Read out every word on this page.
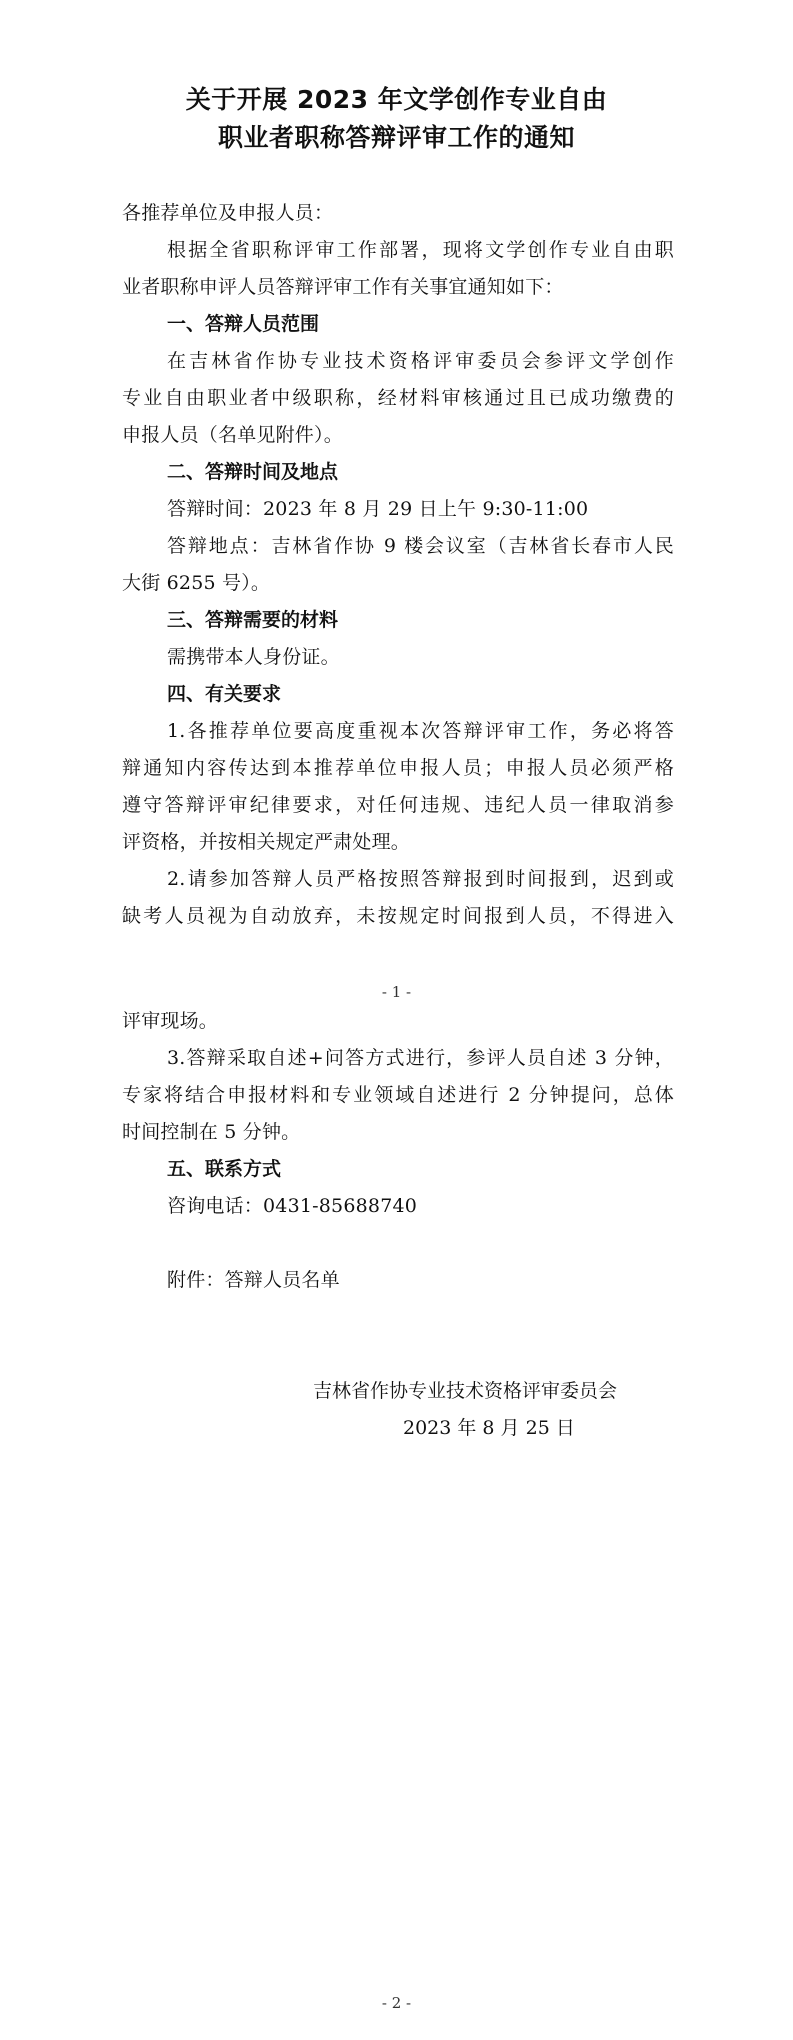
关于开展 2023 年文学创作专业自由
职业者职称答辩评审工作的通知

各推荐单位及申报人员：

根据全省职称评审工作部署，现将文学创作专业自由职

业者职称申评人员答辩评审工作有关事宜通知如下：

一、答辩人员范围

在吉林省作协专业技术资格评审委员会参评文学创作

专业自由职业者中级职称，经材料审核通过且已成功缴费的

申报人员（名单见附件）。

二、答辩时间及地点

答辩时间：2023 年 8 月 29 日上午 9:30-11:00

答辩地点：吉林省作协 9 楼会议室（吉林省长春市人民

大街 6255 号）。

三、答辩需要的材料

需携带本人身份证。

四、有关要求

1.各推荐单位要高度重视本次答辩评审工作，务必将答

辩通知内容传达到本推荐单位申报人员；申报人员必须严格

遵守答辩评审纪律要求，对任何违规、违纪人员一律取消参

评资格，并按相关规定严肃处理。

2.请参加答辩人员严格按照答辩报到时间报到，迟到或

缺考人员视为自动放弃，未按规定时间报到人员，不得进入

- 1 -

评审现场。

3.答辩采取自述+问答方式进行，参评人员自述 3 分钟，

专家将结合申报材料和专业领域自述进行 2 分钟提问，总体

时间控制在 5 分钟。

五、联系方式

咨询电话：0431-85688740

附件：答辩人员名单

吉林省作协专业技术资格评审委员会
2023 年 8 月 25 日
- 2 -
